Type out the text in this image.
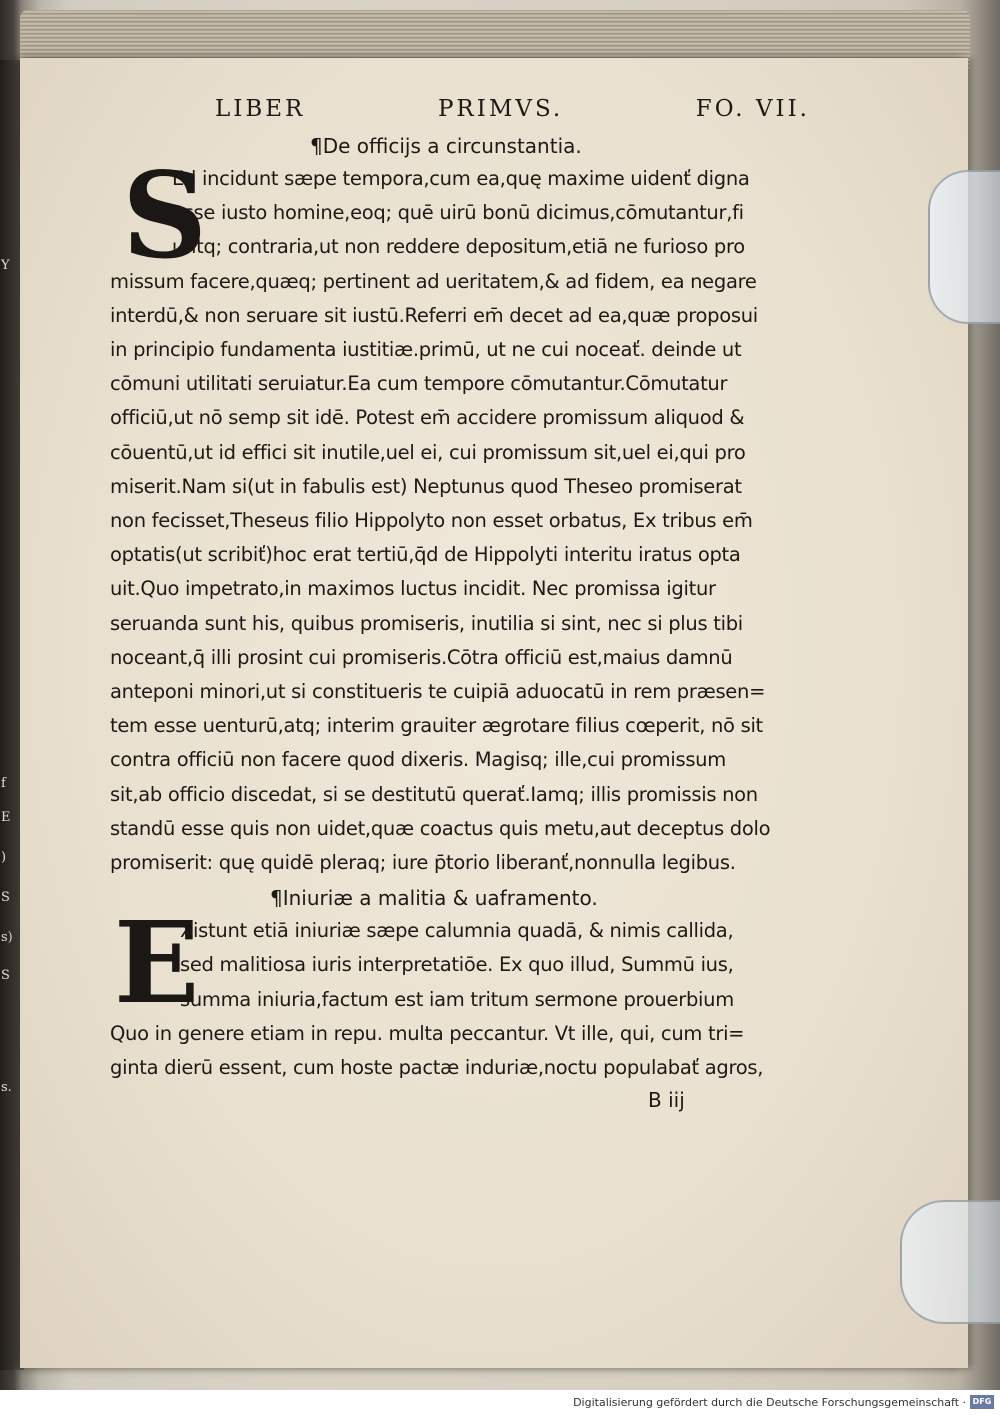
Y
f
)
E
S
s)
S
s.
LIBER	PRIMVS.	FO. VII.
¶De officijs a circunstantia.
S
Ed incidunt sæpe tempora,cum ea,quę maxime uidenť digna
esse iusto homine,eoq; quē uirū bonū dicimus,cōmutantur,fi
untq; contraria,ut non reddere depositum,etiā ne furioso pro
missum facere,quæq; pertinent ad ueritatem,& ad fidem, ea negare
interdū,& non seruare sit iustū.Referri em̄ decet ad ea,quæ proposui
in principio fundamenta iustitiæ.primū, ut ne cui noceať. deinde ut
cōmuni utilitati seruiatur.Ea cum tempore cōmutantur.Cōmutatur
officiū,ut nō semp sit idē. Potest em̄ accidere promissum aliquod &
cōuentū,ut id effici sit inutile,uel ei, cui promissum sit,uel ei,qui pro
miserit.Nam si(ut in fabulis est) Neptunus quod Theseo promiserat
non fecisset,Theseus filio Hippolyto non esset orbatus, Ex tribus em̄
optatis(ut scribiť)hoc erat tertiū,q̄d de Hippolyti interitu iratus opta
uit.Quo impetrato,in maximos luctus incidit. Nec promissa igitur
seruanda sunt his, quibus promiseris, inutilia si sint, nec si plus tibi
noceant,q̄ illi prosint cui promiseris.Cōtra officiū est,maius damnū
anteponi minori,ut si constitueris te cuipiā aduocatū in rem præsen=
tem esse uenturū,atq; interim grauiter ægrotare filius cœperit, nō sit
contra officiū non facere quod dixeris. Magisq; ille,cui promissum
sit,ab officio discedat, si se destitutū querať.Iamq; illis promissis non
standū esse quis non uidet,quæ coactus quis metu,aut deceptus dolo
promiserit: quę quidē pleraq; iure p̄torio liberanť,nonnulla legibus.
¶Iniuriæ a malitia & uaframento.
E
Xistunt etiā iniuriæ sæpe calumnia quadā, & nimis callida,
sed malitiosa iuris interpretatiōe. Ex quo illud, Summū ius,
summa iniuria,factum est iam tritum sermone prouerbium
Quo in genere etiam in repu. multa peccantur. Vt ille, qui, cum tri=
ginta dierū essent, cum hoste pactæ induriæ,noctu populabať agros,
B iij
Digitalisierung gefördert durch die Deutsche Forschungsgemeinschaft · DFG
